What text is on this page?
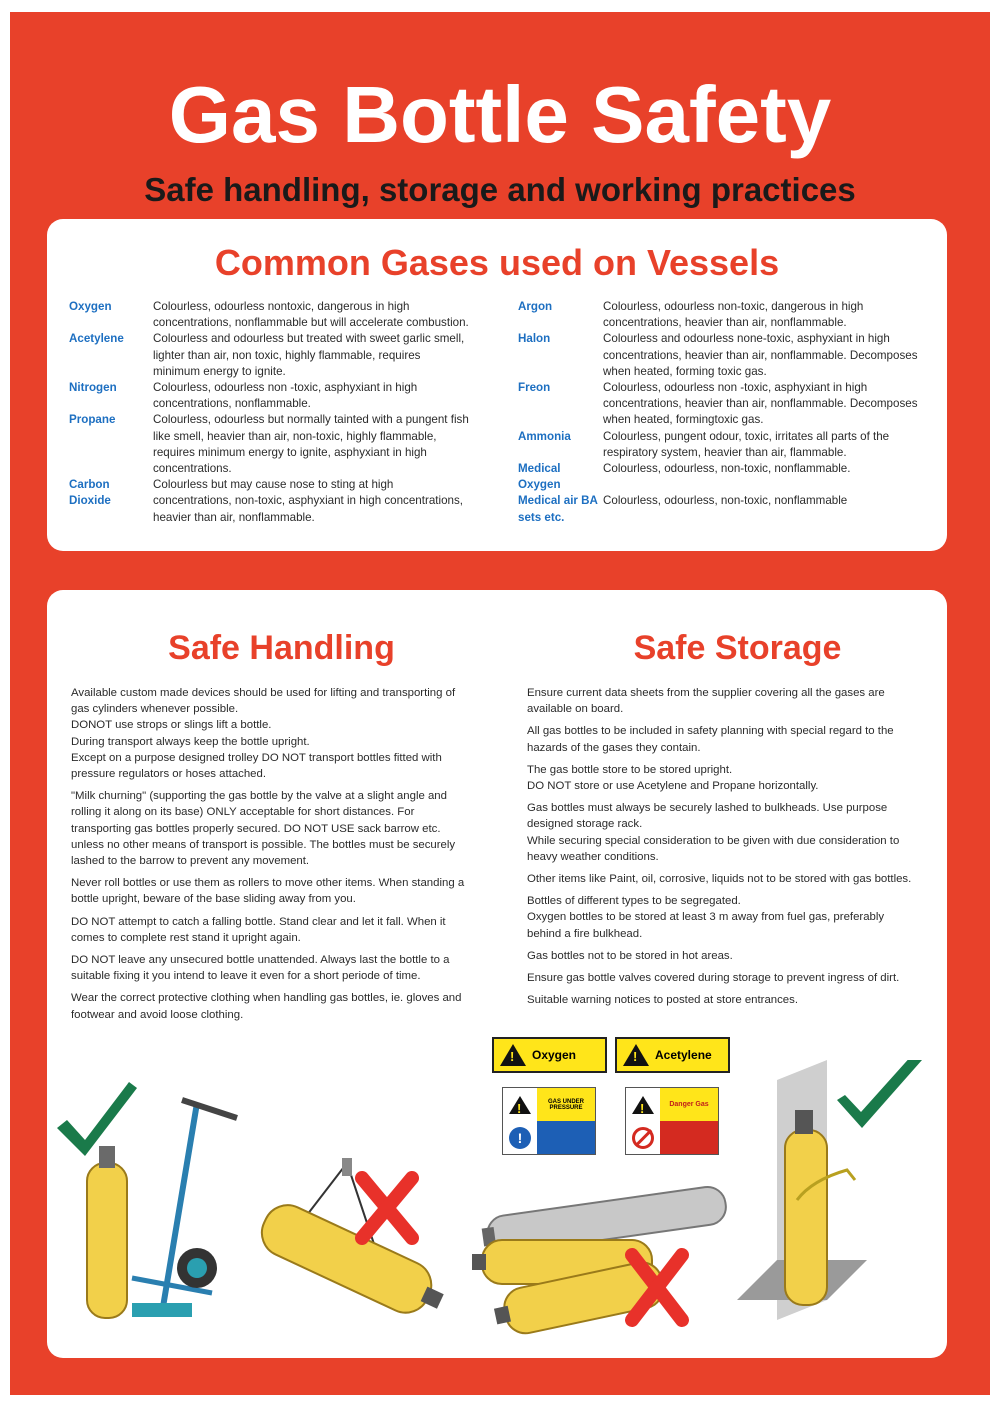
Gas Bottle Safety
Safe handling, storage and working practices
Common Gases used on Vessels
Oxygen	Colourless, odourless nontoxic, dangerous in high concentrations, nonflammable but will accelerate combustion.
Acetylene	Colourless and odourless but treated with sweet garlic smell, lighter than air, non toxic, highly flammable, requires minimum energy to ignite.
Nitrogen	Colourless, odourless non -toxic, asphyxiant in high concentrations, nonflammable.
Propane	Colourless, odourless but normally tainted with a pungent fish like smell, heavier than air, non-toxic, highly flammable, requires minimum energy to ignite, asphyxiant in high concentrations.
Carbon Dioxide
Colourless but may cause nose to sting at high concentrations, non-toxic, asphyxiant in high concentrations, heavier than air, nonflammable.
Argon	Colourless, odourless non-toxic, dangerous in high concentrations, heavier than air, nonflammable.
Halon	Colourless and odourless none-toxic, asphyxiant in high concentrations, heavier than air, nonflammable. Decomposes when heated, forming toxic gas.
Freon	Colourless, odourless non -toxic, asphyxiant in high concentrations, heavier than air, nonflammable. Decomposes when heated, formingtoxic gas.
Ammonia	Colourless, pungent odour, toxic, irritates all parts of the respiratory system, heavier than air, flammable.
Medical Oxygen
Colourless, odourless, non-toxic, nonflammable.
Medical air BA sets etc.
Colourless, odourless, non-toxic, nonflammable
Safe Handling	Safe Storage

Available custom made devices should be used for lifting and transporting of gas cylinders whenever possible.
DONOT use strops or slings lift a bottle.
During transport always keep the bottle upright.
Except on a purpose designed trolley DO NOT transport bottles fitted with pressure regulators or hoses attached.

"Milk churning" (supporting the gas bottle by the valve at a slight angle and rolling it along on its base) ONLY acceptable for short distances. For transporting gas bottles properly secured. DO NOT USE sack barrow etc. unless no other means of transport is possible. The bottles must be securely lashed to the barrow to prevent any movement.

Never roll bottles or use them as rollers to move other items. When standing a bottle upright, beware of the base sliding away from you.

DO NOT attempt to catch a falling bottle. Stand clear and let it fall. When it comes to complete rest stand it upright again.

DO NOT leave any unsecured bottle unattended. Always last the bottle to a suitable fixing it you intend to leave it even for a short periode of time.

Wear the correct protective clothing when handling gas bottles, ie. gloves and footwear and avoid loose clothing.

Ensure current data sheets from the supplier covering all the gases are available on board.

All gas bottles to be included in safety planning with special regard to the hazards of the gases they contain.

The gas bottle store to be stored upright.
DO NOT store or use Acetylene and Propane horizontally.

Gas bottles must always be securely lashed to bulkheads. Use purpose designed storage rack.
While securing special consideration to be given with due consideration to heavy weather conditions.

Other items like Paint, oil, corrosive, liquids not to be stored with gas bottles.

Bottles of different types to be segregated.
Oxygen bottles to be stored at least 3 m away from fuel gas, preferably behind a fire bulkhead.

Gas bottles not to be stored in hot areas.

Ensure gas bottle valves covered during storage to prevent ingress of dirt.

Suitable warning notices to posted at store entrances.

!
Oxygen
!	Acetylene
!
GAS UNDER PRESSURE
!
!
Danger Gas
